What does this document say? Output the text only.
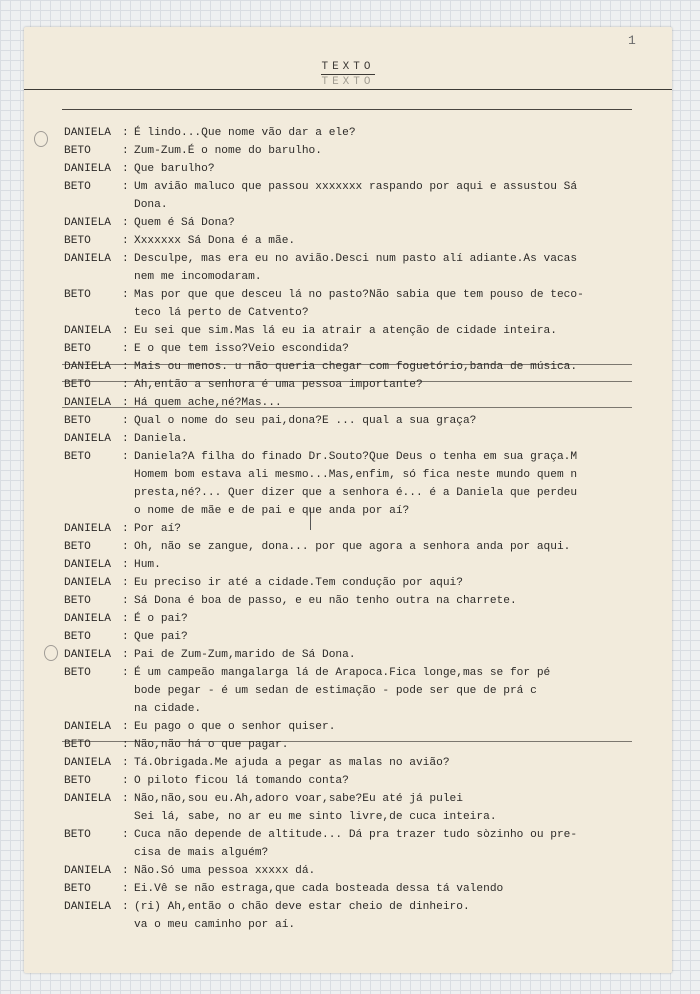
1
TEXTO
TEXTO
DANIELA : É lindo...Que nome vão dar a ele?
BETO	: Zum-Zum.É o nome do barulho.
DANIELA : Que barulho?
BETO	: Um avião maluco que passou xxxxxxx raspando por aqui e assustou Sá
Dona.
DANIELA : Quem é Sá Dona?
BETO	: Xxxxxxx Sá Dona é a mãe.
DANIELA : Desculpe, mas era eu no avião.Desci num pasto alí adiante.As vacas
nem me incomodaram.
BETO	: Mas por que que desceu lá no pasto?Não sabia que tem pouso de teco-
teco lá perto de Catvento?
DANIELA : Eu sei que sim.Mas lá eu ia atrair a atenção de cidade inteira.
BETO	: E o que tem isso?Veio escondida?
DANIELA : Mais ou menos. u não queria chegar com foguetório,banda de música.
BETO	: Ah,então a senhora é uma pessoa importante?
DANIELA : Há quem ache,né?Mas...
BETO	: Qual o nome do seu pai,dona?E ... qual a sua graça?
DANIELA : Daniela.
BETO	: Daniela?A filha do finado Dr.Souto?Que Deus o tenha em sua graça.M
Homem bom estava ali mesmo...Mas,enfim, só fica neste mundo quem n
presta,né?... Quer dizer que a senhora é... é a Daniela que perdeu
o nome de mãe e de pai e que anda por aí?
DANIELA : Por aí?
BETO	: Oh, não se zangue, dona... por que agora a senhora anda por aqui.
DANIELA : Hum.
DANIELA : Eu preciso ir até a cidade.Tem condução por aqui?
BETO	: Sá Dona é boa de passo, e eu não tenho outra na charrete.
DANIELA : É o pai?
BETO	: Que pai?
DANIELA : Pai de Zum-Zum,marido de Sá Dona.
BETO	: É um campeão mangalarga lá de Arapoca.Fica longe,mas se for pé
bode pegar - é um sedan de estimação - pode ser que de prá c
na cidade.
DANIELA : Eu pago o que o senhor quiser.
BETO	: Não,não há o que pagar.
DANIELA : Tá.Obrigada.Me ajuda a pegar as malas no avião?
BETO	: O piloto ficou lá tomando conta?
DANIELA : Não,não,sou eu.Ah,adoro voar,sabe?Eu até já pulei
Sei lá, sabe, no ar eu me sinto livre,de cuca inteira.
BETO	: Cuca não depende de altitude... Dá pra trazer tudo sòzinho ou pre-
cisa de mais alguém?
DANIELA : Não.Só uma pessoa xxxxx dá.
BETO	: Ei.Vê se não estraga,que cada bosteada dessa tá valendo
DANIELA : (ri) Ah,então o chão deve estar cheio de dinheiro.
va o meu caminho por aí.
